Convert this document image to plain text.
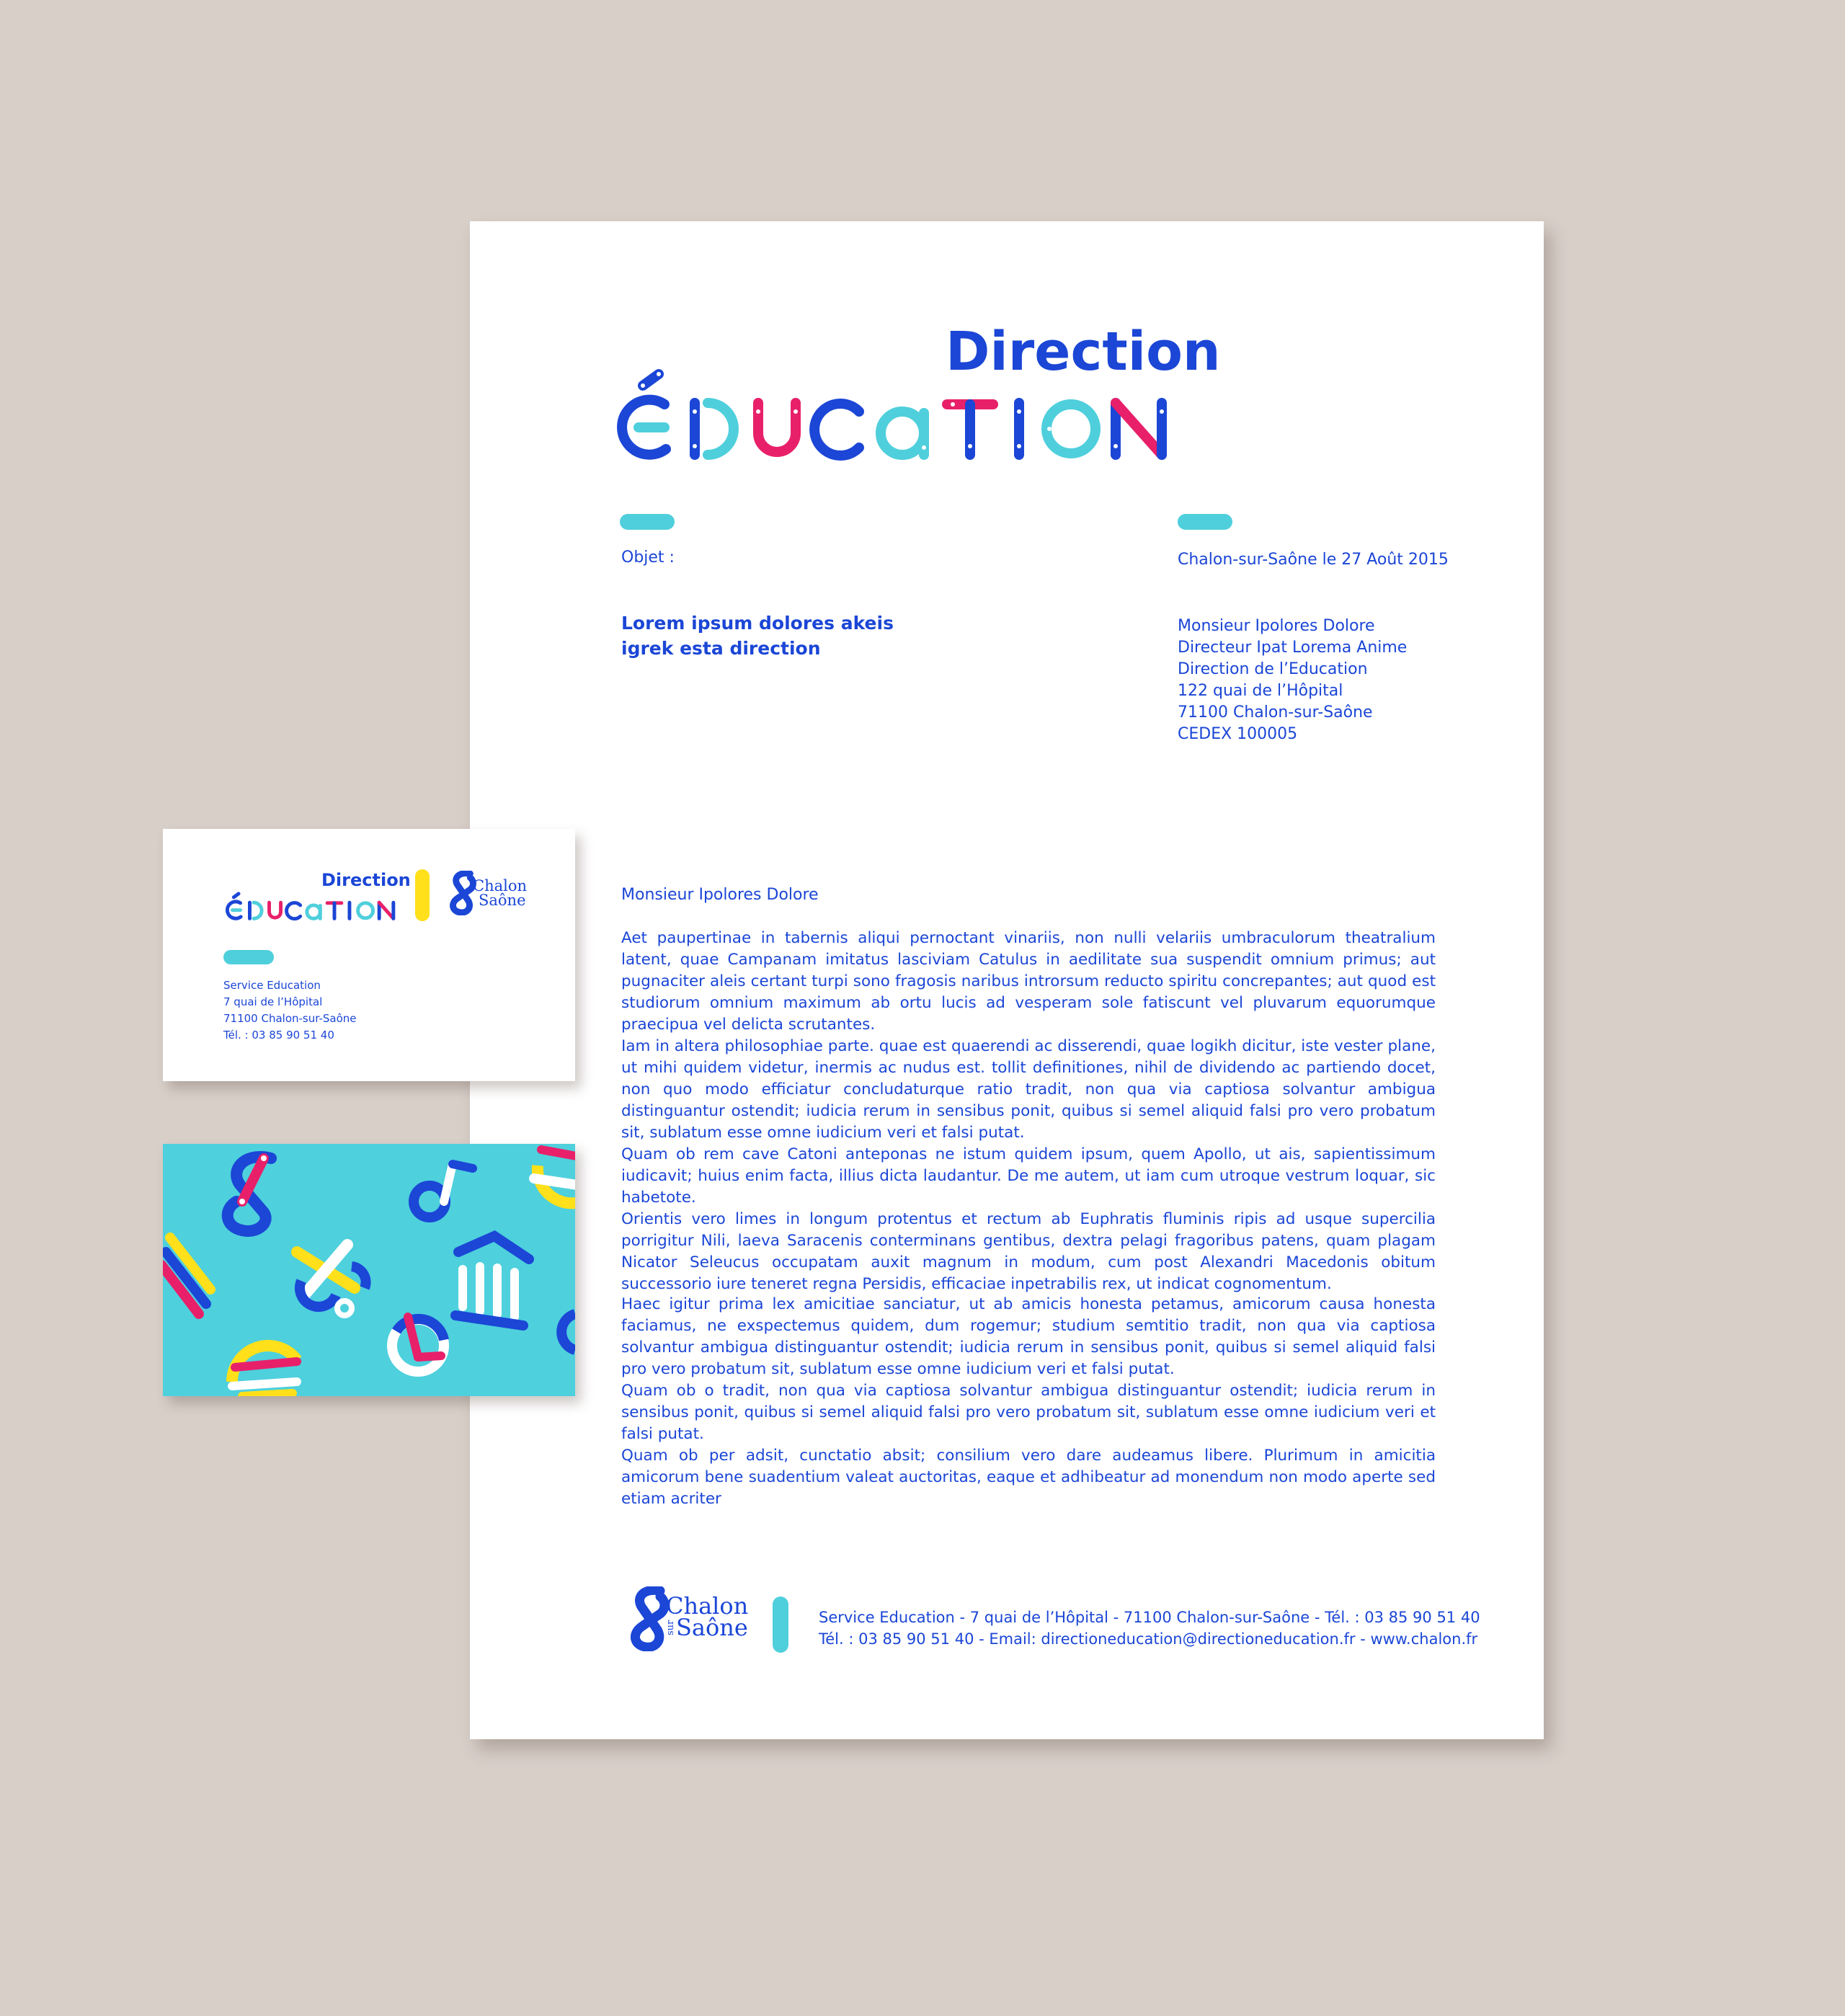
Direction
Objet :	Chalon-sur-Saône le 27 Août 2015
Lorem ipsum dolores akeis
igrek esta direction
Monsieur Ipolores Dolore
Directeur Ipat Lorema Anime
Direction de l’Education
122 quai de l’Hôpital
71100 Chalon-sur-Saône
CEDEX 100005
Monsieur Ipolores Dolore

Aet paupertinae in tabernis aliqui pernoctant vinariis, non nulli velariis umbraculorum theatralium latent, quae Campanam imitatus lasciviam Catulus in aedilitate sua suspendit omnium primus; aut pugnaciter aleis certant turpi sono fragosis naribus introrsum reducto spiritu concrepantes; aut quod est studiorum omnium maximum ab ortu lucis ad vesperam sole fatiscunt vel pluvarum equorumque praecipua vel delicta scrutantes.

Iam in altera philosophiae parte. quae est quaerendi ac disserendi, quae logikh dicitur, iste vester plane, ut mihi quidem videtur, inermis ac nudus est. tollit definitiones, nihil de dividendo ac partiendo docet, non quo modo efficiatur concludaturque ratio tradit, non qua via captiosa solvantur ambigua distinguantur ostendit; iudicia rerum in sensibus ponit, quibus si semel aliquid falsi pro vero probatum sit, sublatum esse omne iudicium veri et falsi putat.

Quam ob rem cave Catoni anteponas ne istum quidem ipsum, quem Apollo, ut ais, sapientissimum iudicavit; huius enim facta, illius dicta laudantur. De me autem, ut iam cum utroque vestrum loquar, sic habetote.

Orientis vero limes in longum protentus et rectum ab Euphratis fluminis ripis ad usque supercilia porrigitur Nili, laeva Saracenis conterminans gentibus, dextra pelagi fragoribus patens, quam plagam Nicator Seleucus occupatam auxit magnum in modum, cum post Alexandri Macedonis obitum successorio iure teneret regna Persidis, efficaciae inpetrabilis rex, ut indicat cognomentum.

Haec igitur prima lex amicitiae sanciatur, ut ab amicis honesta petamus, amicorum causa honesta faciamus, ne exspectemus quidem, dum rogemur; studium semtitio tradit, non qua via captiosa solvantur ambigua distinguantur ostendit; iudicia rerum in sensibus ponit, quibus si semel aliquid falsi pro vero probatum sit, sublatum esse omne iudicium veri et falsi putat.

Quam ob o tradit, non qua via captiosa solvantur ambigua distinguantur ostendit; iudicia rerum in sensibus ponit, quibus si semel aliquid falsi pro vero probatum sit, sublatum esse omne iudicium veri et falsi putat.

Quam ob per adsit, cunctatio absit; consilium vero dare audeamus libere. Plurimum in amicitia amicorum bene suadentium valeat auctoritas, eaque et adhibeatur ad monendum non modo aperte sed etiam acriter

Chalon
sur Saône	Service Education - 7 quai de l’Hôpital - 71100 Chalon-sur-Saône - Tél. : 03 85 90 51 40
Tél. : 03 85 90 51 40 - Email: directioneducation@directioneducation.fr - www.chalon.fr
Direction	Chalon
Saône
Service Education
7 quai de l’Hôpital
71100 Chalon-sur-Saône
Tél. : 03 85 90 51 40
